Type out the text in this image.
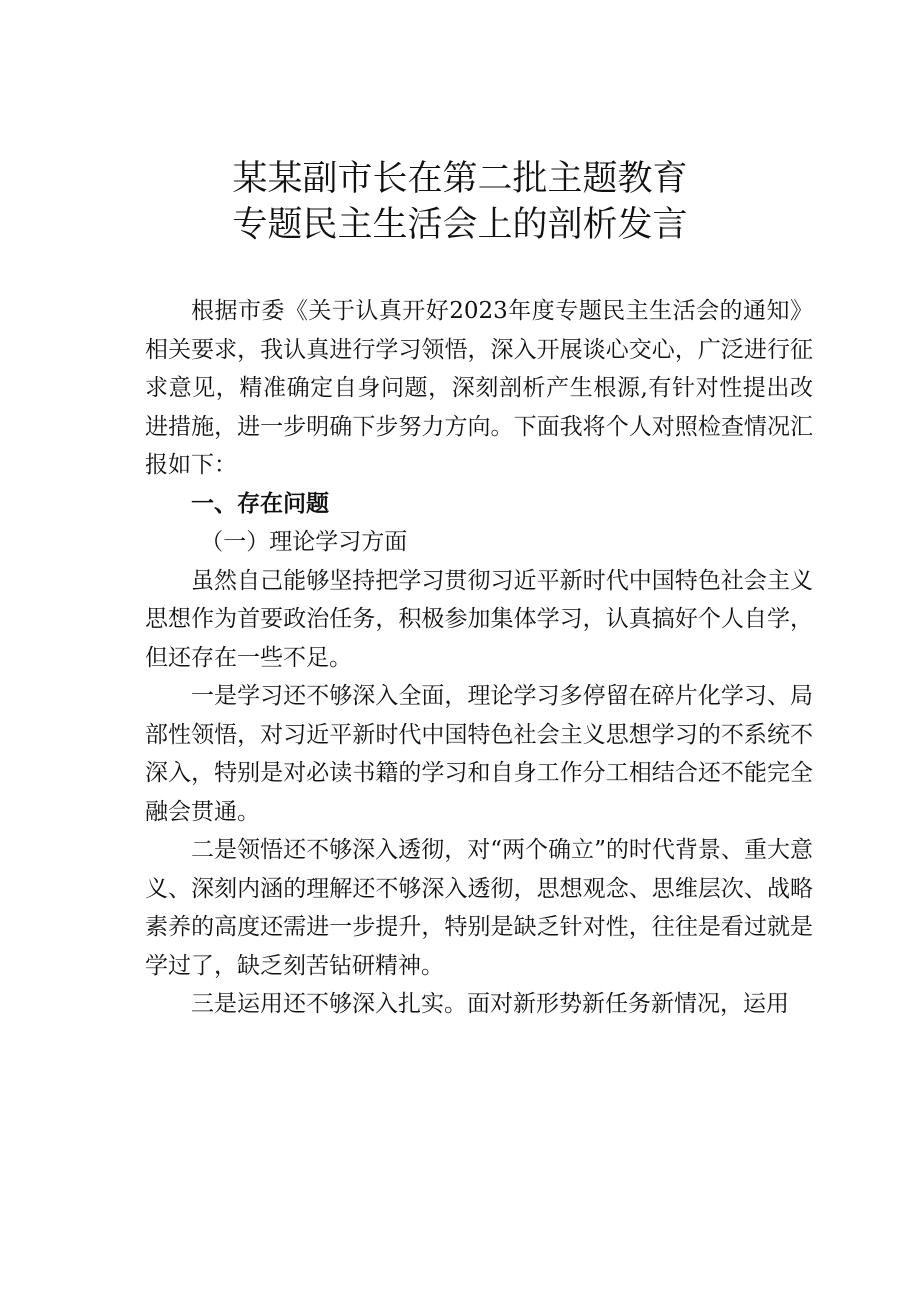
某某副市长在第二批主题教育
专题民主生活会上的剖析发言

根据市委《关于认真开好2023年度专题民主生活会的通知》相关要求，我认真进行学习领悟，深入开展谈心交心，广泛进行征求意见，精准确定自身问题，深刻剖析产生根源,有针对性提出改进措施，进一步明确下步努力方向。下面我将个人对照检查情况汇报如下：

一、存在问题

（一）理论学习方面

虽然自己能够坚持把学习贯彻习近平新时代中国特色社会主义思想作为首要政治任务，积极参加集体学习，认真搞好个人自学，但还存在一些不足。

一是学习还不够深入全面，理论学习多停留在碎片化学习、局部性领悟，对习近平新时代中国特色社会主义思想学习的不系统不深入，特别是对必读书籍的学习和自身工作分工相结合还不能完全融会贯通。

二是领悟还不够深入透彻，对“两个确立”的时代背景、重大意义、深刻内涵的理解还不够深入透彻，思想观念、思维层次、战略素养的高度还需进一步提升，特别是缺乏针对性，往往是看过就是学过了，缺乏刻苦钻研精神。

三是运用还不够深入扎实。面对新形势新任务新情况，运用
